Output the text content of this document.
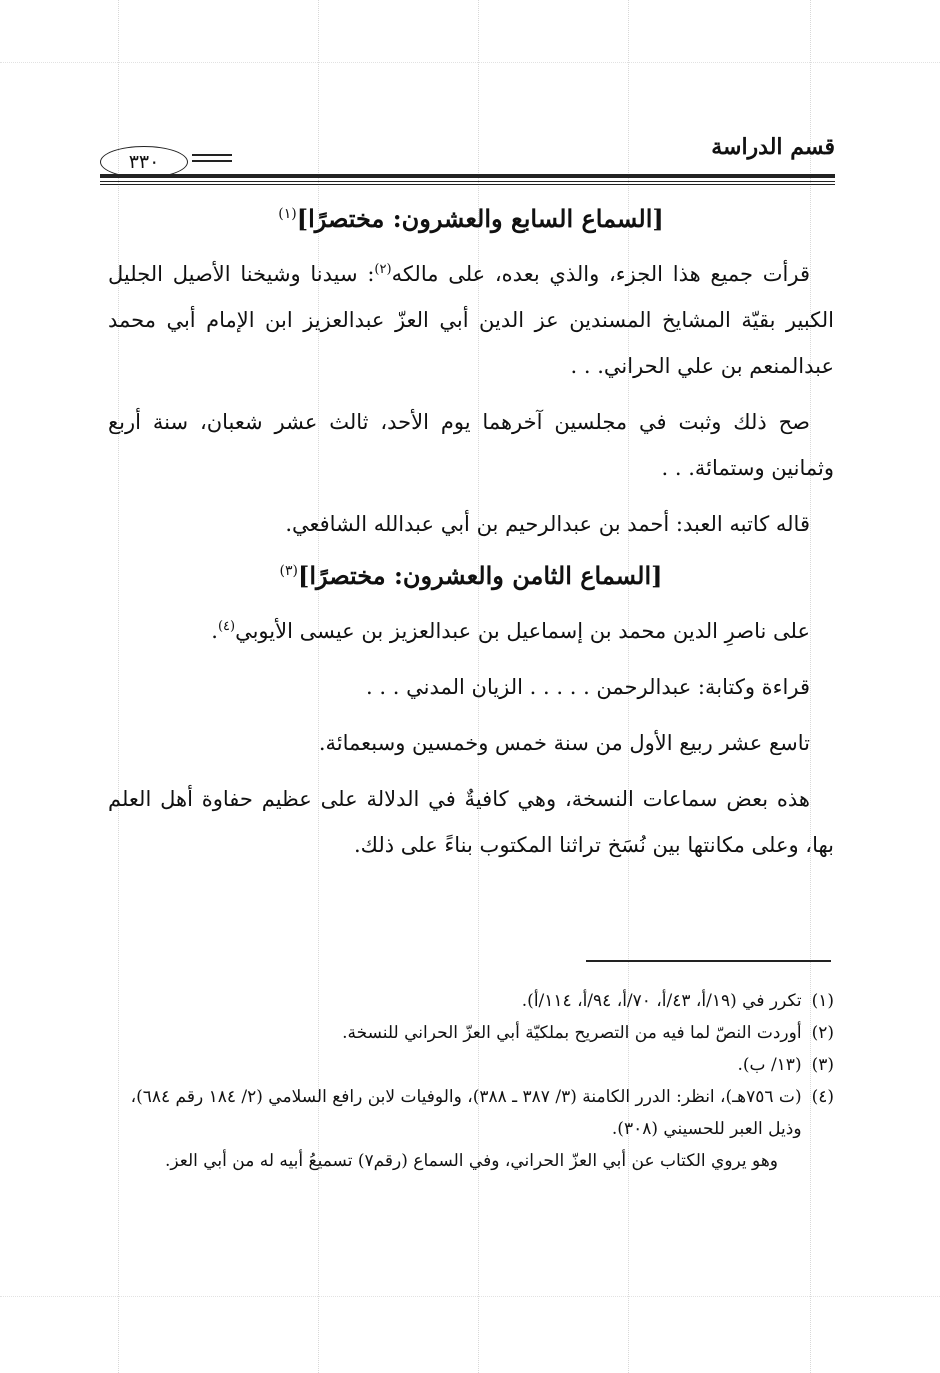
قسم الدراسة
٣٣٠
[السماع السابع والعشرون: مختصرًا]$^{(١)}$

قرأت جميع هذا الجزء، والذي بعده، على مالكه$^{(٢)}$: سيدنا وشيخنا الأصيل الجليل الكبير بقيّة المشايخ المسندين عز الدين أبي العزّ عبدالعزيز ابن الإمام أبي محمد عبدالمنعم بن علي الحراني. . .

صح ذلك وثبت في مجلسين آخرهما يوم الأحد، ثالث عشر شعبان، سنة أربع وثمانين وستمائة. . .

قاله كاتبه العبد: أحمد بن عبدالرحيم بن أبي عبدالله الشافعي.

[السماع الثامن والعشرون: مختصرًا]$^{(٣)}$

على ناصرِ الدين محمد بن إسماعيل بن عبدالعزيز بن عيسى الأيوبي$^{(٤)}$.

قراءة وكتابة: عبدالرحمن . . . . . الزيان المدني . . .

تاسع عشر ربيع الأول من سنة خمس وخمسين وسبعمائة.

هذه بعض سماعات النسخة، وهي كافيةٌ في الدلالة على عظيم حفاوة أهل العلم بها، وعلى مكانتها بين نُسَخ تراثنا المكتوب بناءً على ذلك.

(١)
تكرر في (١٩/أ، ٤٣/أ، ٧٠/أ، ٩٤/أ، ١١٤/أ).
(٢)
أوردت النصّ لما فيه من التصريح بملكيّة أبي العزّ الحراني للنسخة.
(٣)
(١٣/ ب).
(٤)
(ت ٧٥٦هـ)، انظر: الدرر الكامنة (٣/ ٣٨٧ ـ ٣٨٨)، والوفيات لابن رافع السلامي (٢/ ١٨٤ رقم ٦٨٤)، وذيل العبر للحسيني (٣٠٨).
وهو يروي الكتاب عن أبي العزّ الحراني، وفي السماع (رقم٧) تسميعُ أبيه له من أبي العز.
